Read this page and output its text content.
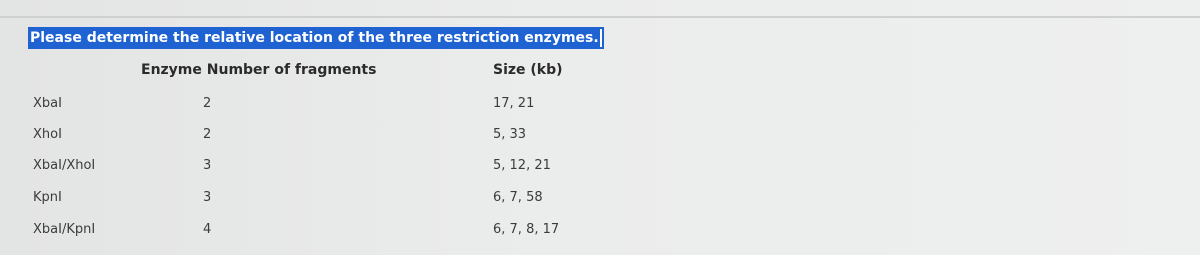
Please determine the relative location of the three restriction enzymes.
Enzyme Number of fragments	Size (kb)
XbaI	2	17, 21
XhoI	2	5, 33
XbaI/XhoI	3	5, 12, 21
KpnI	3	6, 7, 58
XbaI/KpnI	4	6, 7, 8, 17
